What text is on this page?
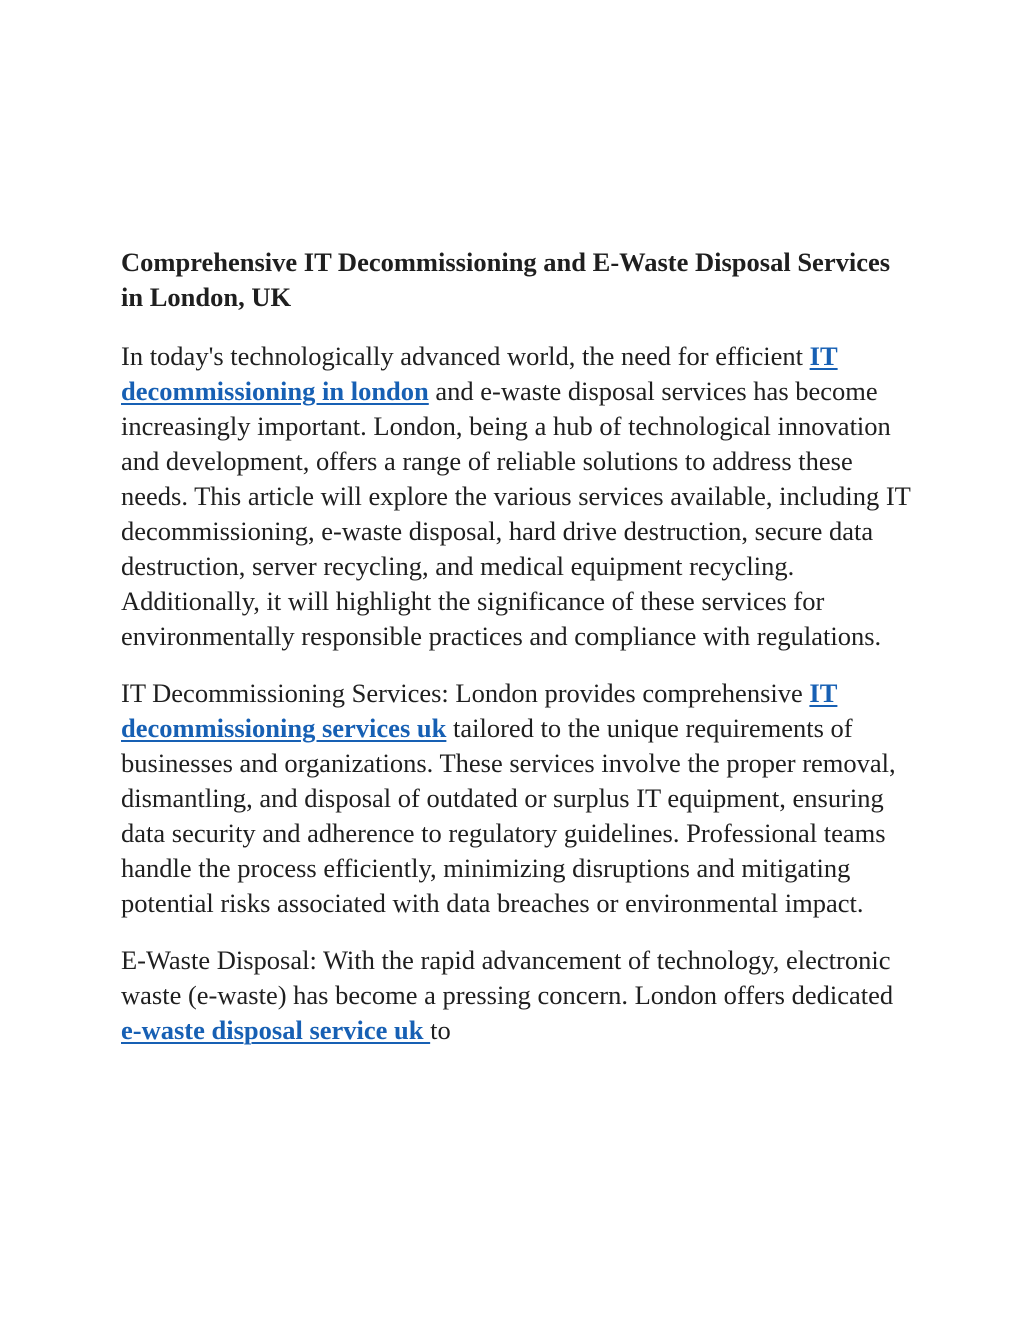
Comprehensive IT Decommissioning and E-Waste Disposal Services in London, UK

In today's technologically advanced world, the need for efficient IT decommissioning in london and e-waste disposal services has become increasingly important. London, being a hub of technological innovation and development, offers a range of reliable solutions to address these needs. This article will explore the various services available, including IT decommissioning, e-waste disposal, hard drive destruction, secure data destruction, server recycling, and medical equipment recycling. Additionally, it will highlight the significance of these services for environmentally responsible practices and compliance with regulations.

IT Decommissioning Services: London provides comprehensive IT decommissioning services uk tailored to the unique requirements of businesses and organizations. These services involve the proper removal, dismantling, and disposal of outdated or surplus IT equipment, ensuring data security and adherence to regulatory guidelines. Professional teams handle the process efficiently, minimizing disruptions and mitigating potential risks associated with data breaches or environmental impact.

E-Waste Disposal: With the rapid advancement of technology, electronic waste (e-waste) has become a pressing concern. London offers dedicated e-waste disposal service uk to
